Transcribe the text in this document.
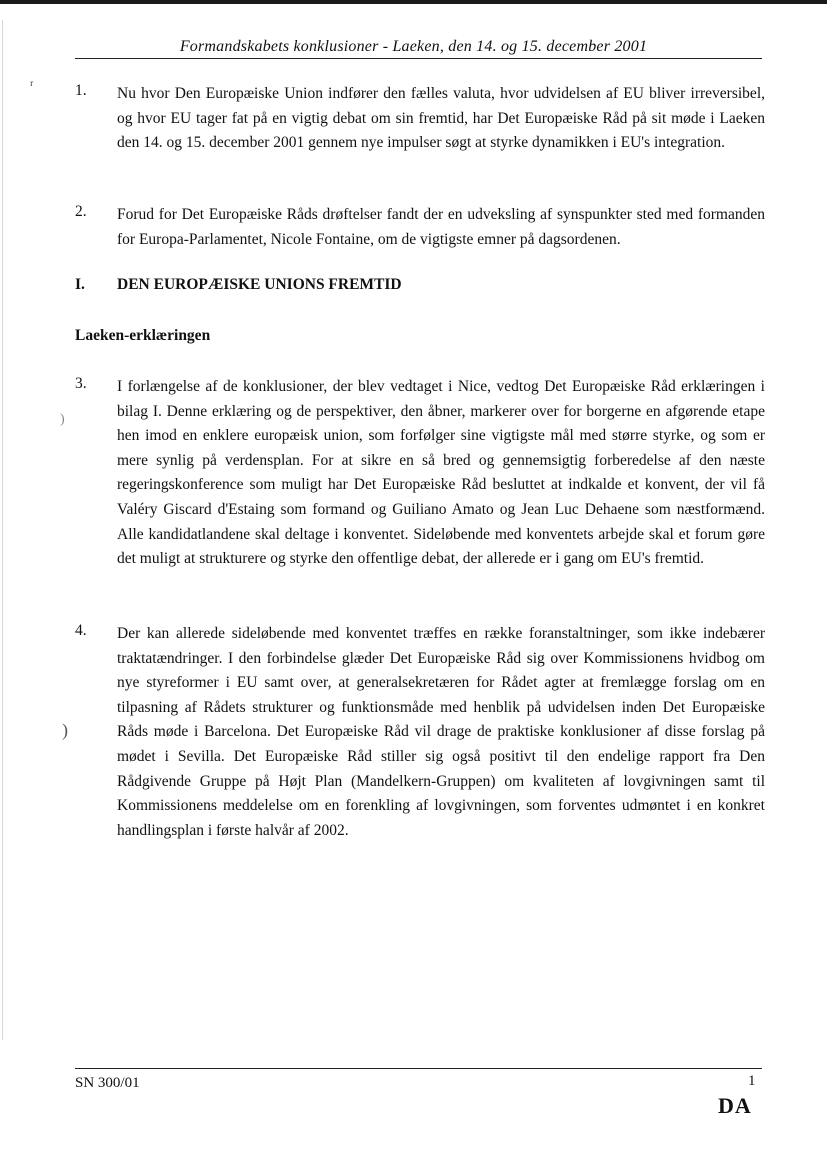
Formandskabets konklusioner - Laeken, den 14. og 15. december 2001
ʳ	1. Nu hvor Den Europæiske Union indfører den fælles valuta, hvor udvidelsen af EU bliver irreversibel, og hvor EU tager fat på en vigtig debat om sin fremtid, har Det Europæiske Råd på sit møde i Laeken den 14. og 15. december 2001 gennem nye impulser søgt at styrke dynamikken i EU's integration.
2. Forud for Det Europæiske Råds drøftelser fandt der en udveksling af synspunkter sted med formanden for Europa-Parlamentet, Nicole Fontaine, om de vigtigste emner på dagsordenen.
I. DEN EUROPÆISKE UNIONS FREMTID
Laeken-erklæringen
)
3. I forlængelse af de konklusioner, der blev vedtaget i Nice, vedtog Det Europæiske Råd erklæringen i bilag I. Denne erklæring og de perspektiver, den åbner, markerer over for borgerne en afgørende etape hen imod en enklere europæisk union, som forfølger sine vigtigste mål med større styrke, og som er mere synlig på verdensplan. For at sikre en så bred og gennemsigtig forberedelse af den næste regeringskonference som muligt har Det Europæiske Råd besluttet at indkalde et konvent, der vil få Valéry Giscard d'Estaing som formand og Guiliano Amato og Jean Luc Dehaene som næstformænd. Alle kandidatlandene skal deltage i konventet. Sideløbende med konventets arbejde skal et forum gøre det muligt at strukturere og styrke den offentlige debat, der allerede er i gang om EU's fremtid.
)
4. Der kan allerede sideløbende med konventet træffes en række foranstaltninger, som ikke indebærer traktatændringer. I den forbindelse glæder Det Europæiske Råd sig over Kommissionens hvidbog om nye styreformer i EU samt over, at generalsekretæren for Rådet agter at fremlægge forslag om en tilpasning af Rådets strukturer og funktionsmåde med henblik på udvidelsen inden Det Europæiske Råds møde i Barcelona. Det Europæiske Råd vil drage de praktiske konklusioner af disse forslag på mødet i Sevilla. Det Europæiske Råd stiller sig også positivt til den endelige rapport fra Den Rådgivende Gruppe på Højt Plan (Mandelkern-Gruppen) om kvaliteten af lovgivningen samt til Kommissionens meddelelse om en forenkling af lovgivningen, som forventes udmøntet i en konkret handlingsplan i første halvår af 2002.
SN 300/01	1
DA
